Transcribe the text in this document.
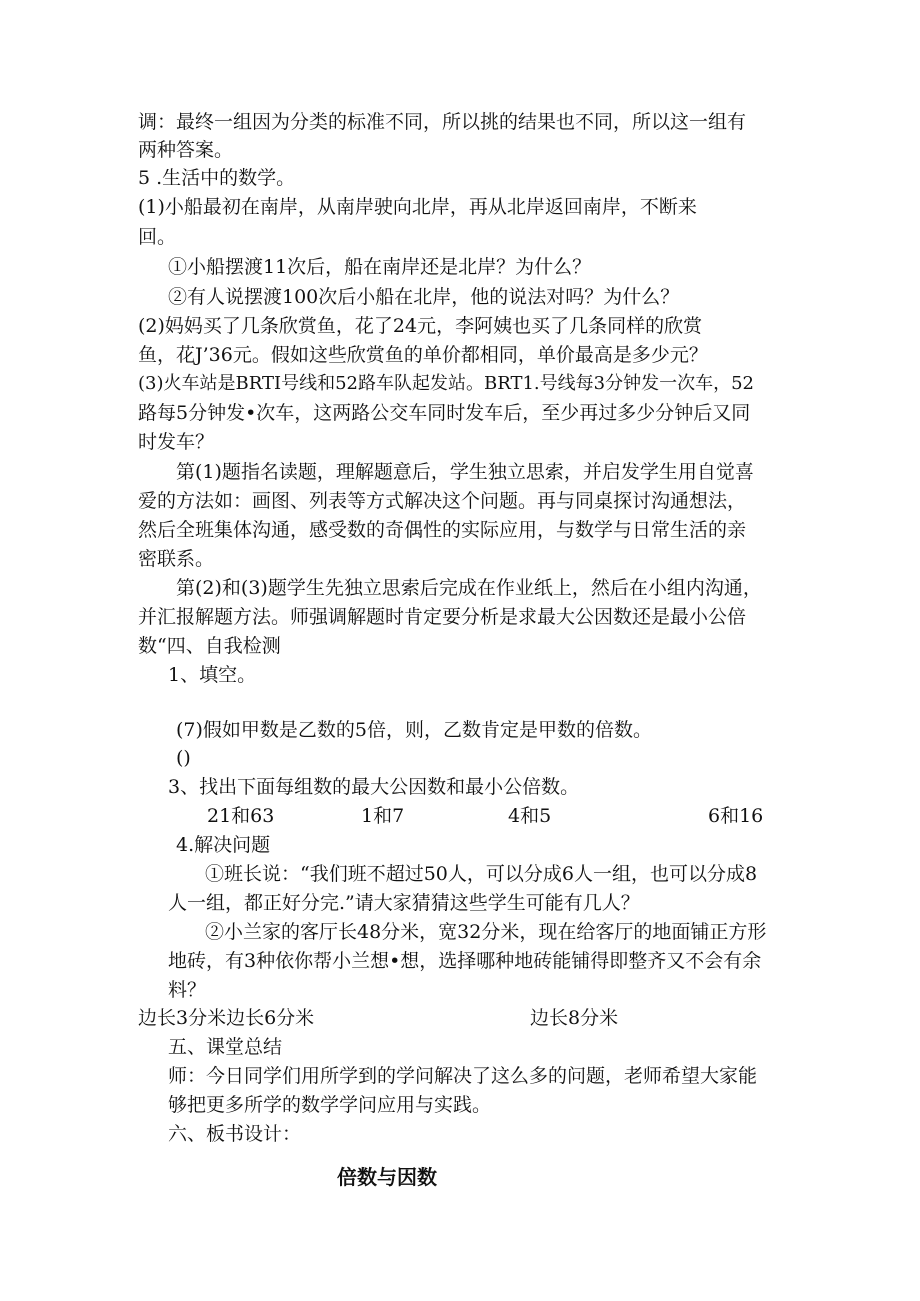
调：最终一组因为分类的标准不同，所以挑的结果也不同，所以这一组有

两种答案。

5 .生活中的数学。

(1)小船最初在南岸，从南岸驶向北岸，再从北岸返回南岸，不断来

回。

①小船摆渡11次后，船在南岸还是北岸？为什么？

②有人说摆渡100次后小船在北岸，他的说法对吗？为什么？

(2)妈妈买了几条欣赏鱼，花了24元，李阿姨也买了几条同样的欣赏

鱼，花J’36元。假如这些欣赏鱼的单价都相同，单价最高是多少元？

(3)火车站是BRTI号线和52路车队起发站。BRT1.号线每3分钟发一次车，52

路每5分钟发•次车，这两路公交车同时发车后，至少再过多少分钟后又同

时发车？

第(1)题指名读题，理解题意后，学生独立思索，并启发学生用自觉喜

爱的方法如：画图、列表等方式解决这个问题。再与同桌探讨沟通想法，

然后全班集体沟通，感受数的奇偶性的实际应用，与数学与日常生活的亲

密联系。

第(2)和(3)题学生先独立思索后完成在作业纸上，然后在小组内沟通，

并汇报解题方法。师强调解题时肯定要分析是求最大公因数还是最小公倍

数“四、自我检测

1、填空。

(7)假如甲数是乙数的5倍，则，乙数肯定是甲数的倍数。

()

3、找出下面每组数的最大公因数和最小公倍数。

21和63	1和7	4和5	6和16

4.解决问题

①班长说：“我们班不超过50人，可以分成6人一组，也可以分成8

人一组，都正好分完.”请大家猜猜这些学生可能有几人？

②小兰家的客厅长48分米，宽32分米，现在给客厅的地面铺正方形

地砖，有3种依你帮小兰想•想，选择哪种地砖能铺得即整齐又不会有余

料？

边长3分米边长6分米	边长8分米

五、课堂总结

师：今日同学们用所学到的学问解决了这么多的问题，老师希望大家能

够把更多所学的数学学问应用与实践。

六、板书设计：

倍数与因数
